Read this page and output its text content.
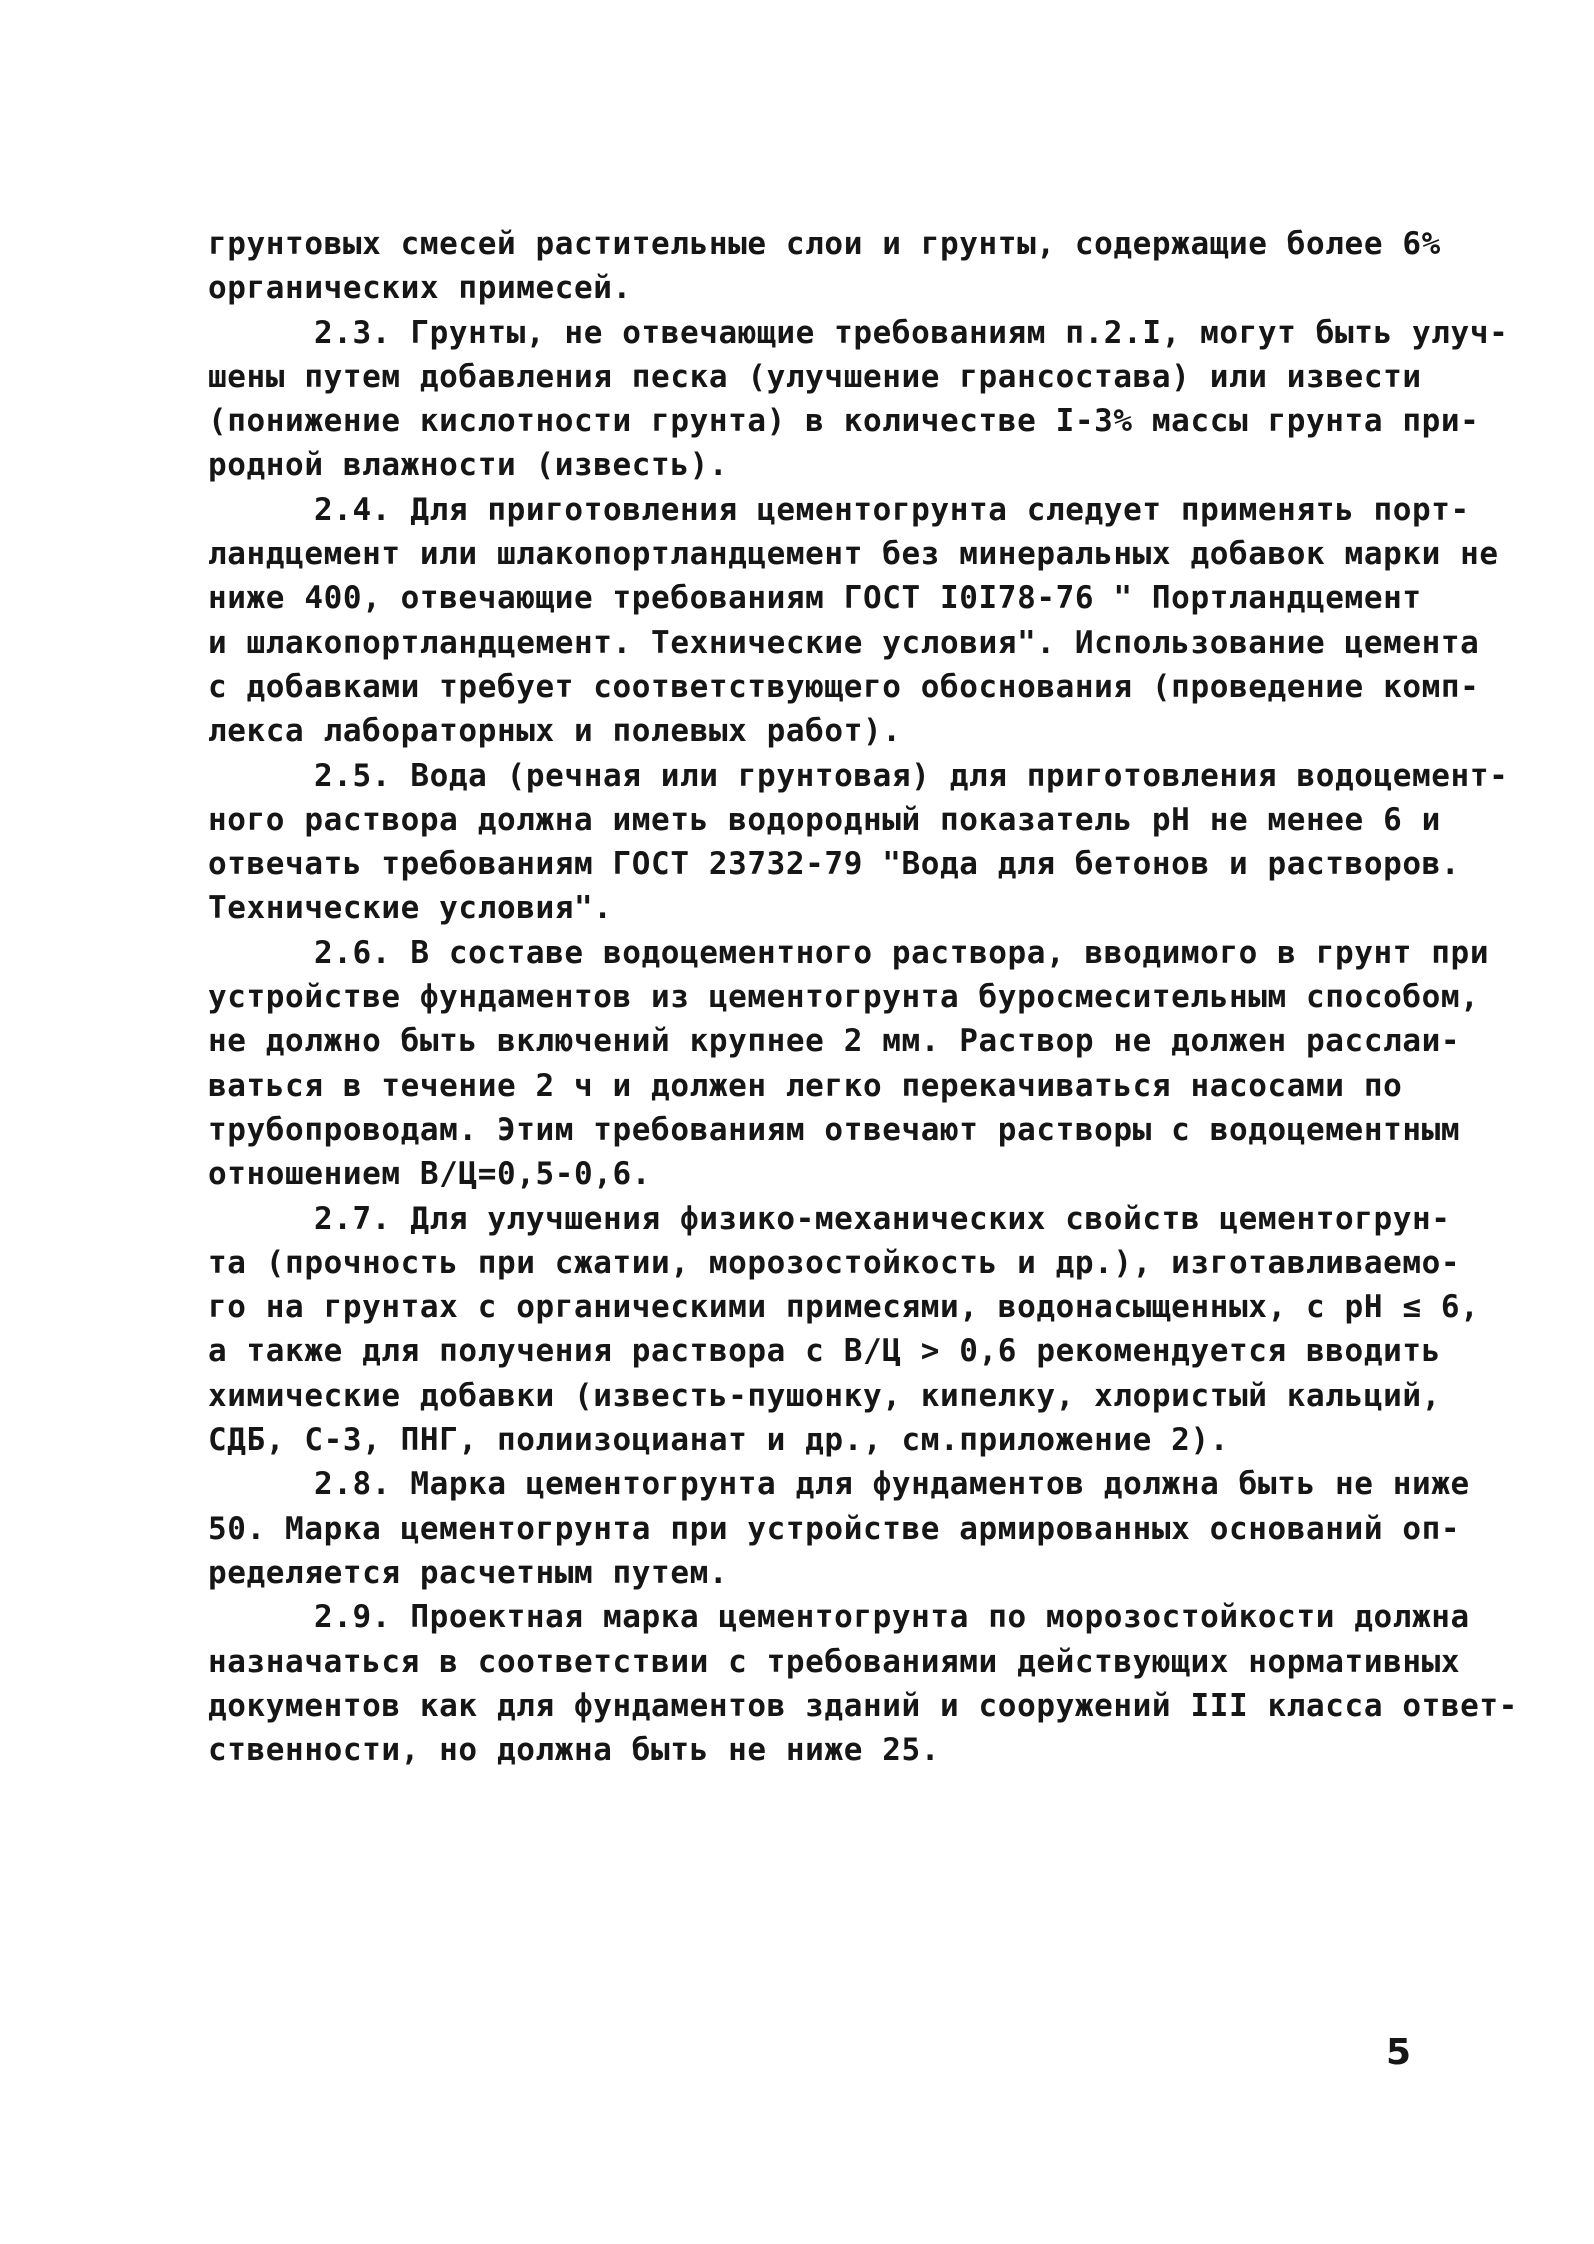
грунтовых смесей растительные слои и грунты, содержащие более 6%
органических примесей.
2.3. Грунты, не отвечающие требованиям п.2.I, могут быть улуч-
шены путем добавления песка (улучшение грансостава) или извести
(понижение кислотности грунта) в количестве I-3% массы грунта при-
родной влажности (известь).
2.4. Для приготовления цементогрунта следует применять порт-
ландцемент или шлакопортландцемент без минеральных добавок марки не
ниже 400, отвечающие требованиям ГОСТ I0I78-76 " Портландцемент
и шлакопортландцемент. Технические условия". Использование цемента
с добавками требует соответствующего обоснования (проведение комп-
лекса лабораторных и полевых работ).
2.5. Вода (речная или грунтовая) для приготовления водоцемент-
ного раствора должна иметь водородный показатель рН не менее 6 и
отвечать требованиям ГОСТ 23732-79 "Вода для бетонов и растворов.
Технические условия".
2.6. В составе водоцементного раствора, вводимого в грунт при
устройстве фундаментов из цементогрунта буросмесительным способом,
не должно быть включений крупнее 2 мм. Раствор не должен расслаи-
ваться в течение 2 ч и должен легко перекачиваться насосами по
трубопроводам. Этим требованиям отвечают растворы с водоцементным
отношением В/Ц=0,5-0,6.
2.7. Для улучшения физико-механических свойств цементогрун-
та (прочность при сжатии, морозостойкость и др.), изготавливаемо-
го на грунтах с органическими примесями, водонасыщенных, с рН ≤ 6,
а также для получения раствора с В/Ц > 0,6 рекомендуется вводить
химические добавки (известь-пушонку, кипелку, хлористый кальций,
СДБ, С-3, ПНГ, полиизоцианат и др., см.приложение 2).
2.8. Марка цементогрунта для фундаментов должна быть не ниже
50. Марка цементогрунта при устройстве армированных оснований оп-
ределяется расчетным путем.
2.9. Проектная марка цементогрунта по морозостойкости должна
назначаться в соответствии с требованиями действующих нормативных
документов как для фундаментов зданий и сооружений III класса ответ-
ственности, но должна быть не ниже 25.
5
